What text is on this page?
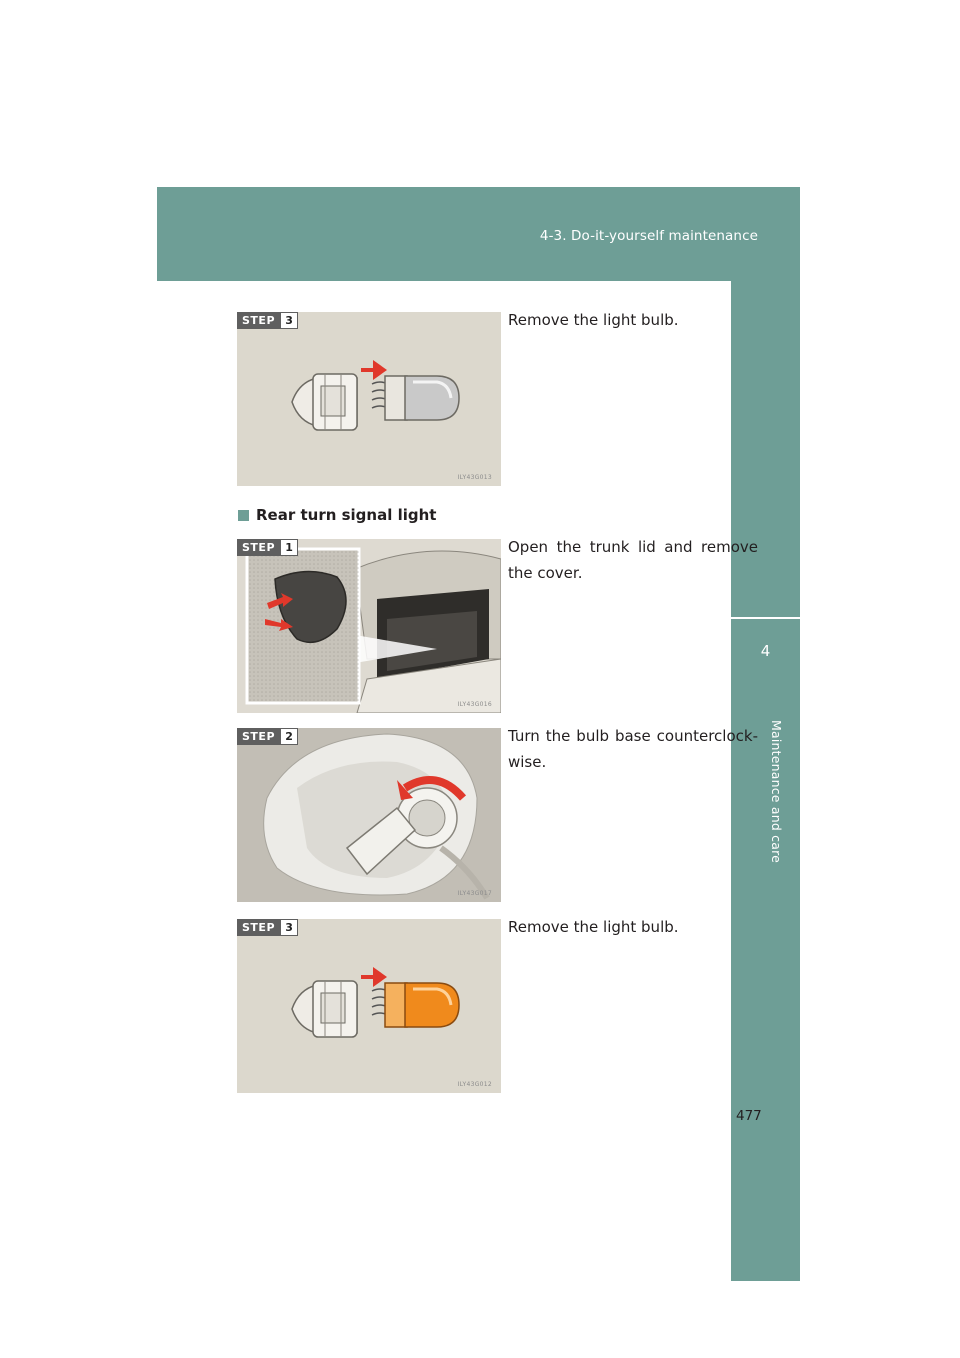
4-3. Do-it-yourself maintenance
4
Maintenance and care
STEP 3
ILY43G013
Remove the light bulb.
Rear turn signal light
STEP 1
ILY43G016
Open the trunk lid and remove the cover.
STEP 2
ILY43G017
Turn the bulb base counterclock-wise.
STEP 3
ILY43G012
Remove the light bulb.
477
